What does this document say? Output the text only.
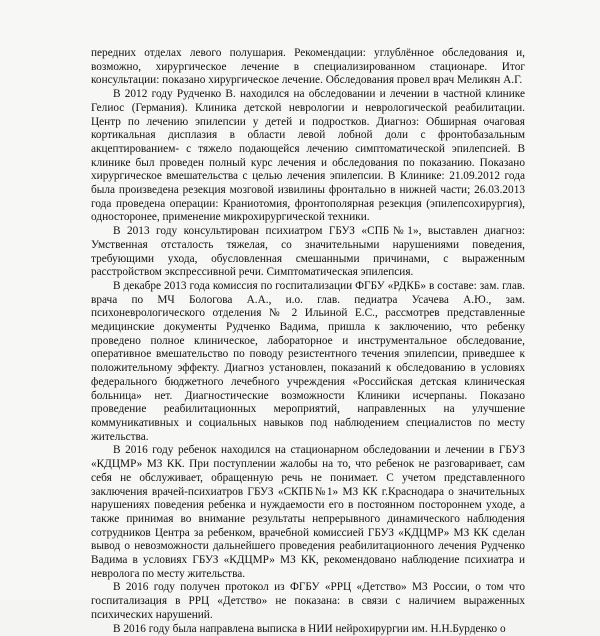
передних отделах левого полушария. Рекомендации: углублённое обследования и, возможно, хирургическое лечение в специализированном стационаре. Итог консультации: показано хирургическое лечение. Обследования провел врач Меликян А.Г.

В 2012 году Рудченко В. находился на обследовании и лечении в частной клинике Гелиос (Германия). Клиника детской неврологии и неврологической реабилитации. Центр по лечению эпилепсии у детей и подростков. Диагноз: Обширная очаговая кортикальная дисплазия в области левой лобной доли с фронтобазальным акцептированием- с тяжело подающейся лечению симптоматической эпилепсией. В клинике был проведен полный курс лечения и обследования по показанию. Показано хирургическое вмешательства с целью лечения эпилепсии. В Клинике: 21.09.2012 года была произведена резекция мозговой извилины фронтально в нижней части; 26.03.2013 года проведена операции: Краниотомия, фронтополярная резекция (эпилепсохирургия), односторонее, применение микрохирургической техники.

В 2013 году консультирован психиатром ГБУЗ «СПБ№1», выставлен диагноз: Умственная отсталость тяжелая, со значительными нарушениями поведения, требующими ухода, обусловленная смешанными причинами, с выраженным расстройством экспрессивной речи. Симптоматическая эпилепсия.

В декабре 2013 года комиссия по госпитализации ФГБУ «РДКБ» в составе: зам. глав. врача по МЧ Бологова А.А., и.о. глав. педиатра Усачева А.Ю., зам. психоневрологического отделения № 2 Ильиной Е.С., рассмотрев представленные медицинские документы Рудченко Вадима, пришла к заключению, что ребенку проведено полное клиническое, лабораторное и инструментальное обследование, оперативное вмешательство по поводу резистентного течения эпилепсии, приведшее к положительному эффекту. Диагноз установлен, показаний к обследованию в условиях федерального бюджетного лечебного учреждения «Российская детская клиническая больница» нет. Диагностические возможности Клиники исчерпаны. Показано проведение реабилитационных мероприятий, направленных на улучшение коммуникативных и социальных навыков под наблюдением специалистов по месту жительства.

В 2016 году ребенок находился на стационарном обследовании и лечении в ГБУЗ «КДЦМР» МЗ КК. При поступлении жалобы на то, что ребенок не разговаривает, сам себя не обслуживает, обращенную речь не понимает. С учетом представленного заключения врачей-психиатров ГБУЗ «СКПБ№1» МЗ КК г.Краснодара о значительных нарушениях поведения ребенка и нуждаемости его в постоянном постороннем уходе, а также принимая во внимание результаты непрерывного динамического наблюдения сотрудников Центра за ребенком, врачебной комиссией ГБУЗ «КДЦМР» МЗ КК сделан вывод о невозможности дальнейшего проведения реабилитационного лечения Рудченко Вадима в условиях ГБУЗ «КДЦМР» МЗ КК, рекомендовано наблюдение психиатра и невролога по месту жительства.

В 2016 году получен протокол из ФГБУ «РРЦ «Детство» МЗ России, о том что госпитализация в РРЦ «Детство» не показана: в связи с наличием выраженных психических нарушений.

В 2016 году была направлена выписка в НИИ нейрохирургии им. Н.Н.Бурденко о
